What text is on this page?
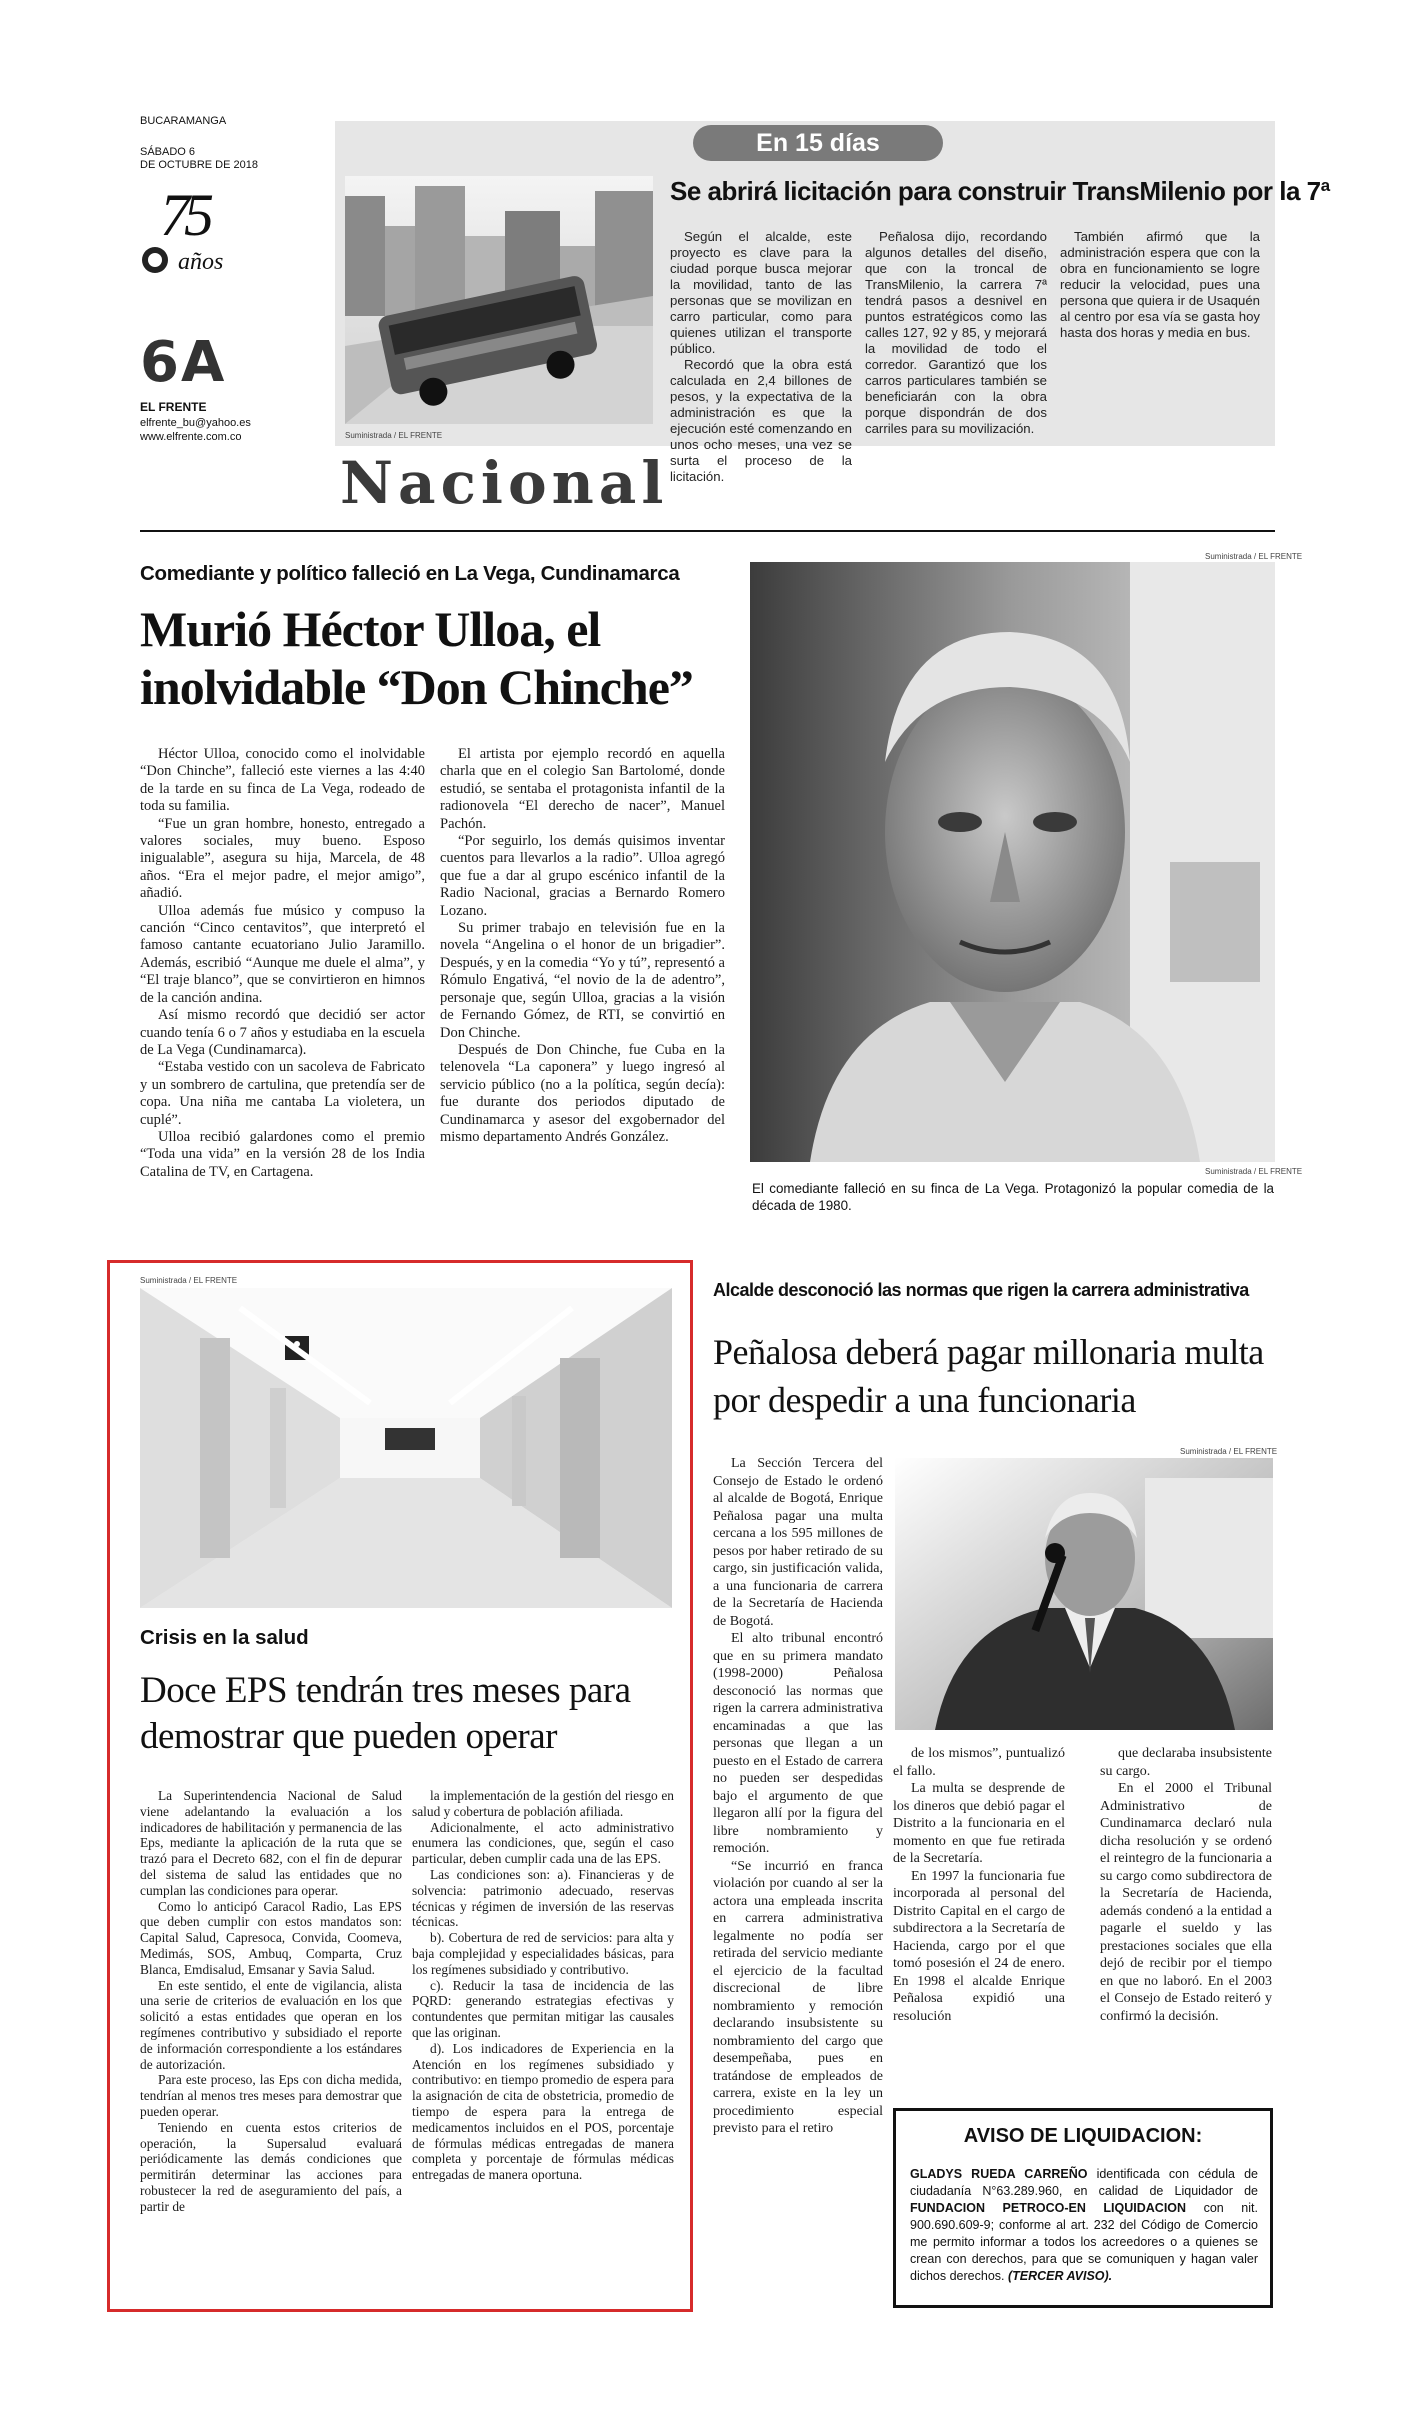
BUCARAMANGA
SÁBADO 6
DE OCTUBRE DE 2018
75
años
6A
EL FRENTE
elfrente_bu@yahoo.es
www.elfrente.com.co
En 15 días
Se abrirá licitación para construir TransMilenio por la 7ª
Suministrada / EL FRENTE

Según el alcalde, este proyecto es clave para la ciudad porque busca mejorar la movilidad, tanto de las personas que se movilizan en carro particular, como para quienes utilizan el transporte público.

Recordó que la obra está calculada en 2,4 billones de pesos, y la expectativa de la administración es que la ejecución esté comenzando en unos ocho meses, una vez se surta el proceso de la licitación.

Peñalosa dijo, recordando algunos detalles del diseño, que con la troncal de TransMilenio, la carrera 7ª tendrá pasos a desnivel en puntos estratégicos como las calles 127, 92 y 85, y mejorará la movilidad de todo el corredor. Garantizó que los carros particulares también se beneficiarán con la obra porque dispondrán de dos carriles para su movilización.

También afirmó que la administración espera que con la obra en funcionamiento se logre reducir la velocidad, pues una persona que quiera ir de Usaquén al centro por esa vía se gasta hoy hasta dos horas y media en bus.

Nacional
Comediante y político falleció en La Vega, Cundinamarca
Murió Héctor Ulloa, el inolvidable “Don Chinche”

Héctor Ulloa, conocido como el inolvidable “Don Chinche”, falleció este viernes a las 4:40 de la tarde en su finca de La Vega, rodeado de toda su familia.

“Fue un gran hombre, honesto, entregado a valores sociales, muy bueno. Esposo inigualable”, asegura su hija, Marcela, de 48 años. “Era el mejor padre, el mejor amigo”, añadió.

Ulloa además fue músico y compuso la canción “Cinco centavitos”, que interpretó el famoso cantante ecuatoriano Julio Jaramillo. Además, escribió “Aunque me duele el alma”, y “El traje blanco”, que se convirtieron en himnos de la canción andina.

Así mismo recordó que decidió ser actor cuando tenía 6 o 7 años y estudiaba en la escuela de La Vega (Cundinamarca).

“Estaba vestido con un sacoleva de Fabricato y un sombrero de cartulina, que pretendía ser de copa. Una niña me cantaba La violetera, un cuplé”.

Ulloa recibió galardones como el premio “Toda una vida” en la versión 28 de los India Catalina de TV, en Cartagena.

El artista por ejemplo recordó en aquella charla que en el colegio San Bartolomé, donde estudió, se sentaba el protagonista infantil de la radionovela “El derecho de nacer”, Manuel Pachón.

“Por seguirlo, los demás quisimos inventar cuentos para llevarlos a la radio”. Ulloa agregó que fue a dar al grupo escénico infantil de la Radio Nacional, gracias a Bernardo Romero Lozano.

Su primer trabajo en televisión fue en la novela “Angelina o el honor de un brigadier”. Después, y en la comedia “Yo y tú”, representó a Rómulo Engativá, “el novio de la de adentro”, personaje que, según Ulloa, gracias a la visión de Fernando Gómez, de RTI, se convirtió en Don Chinche.

Después de Don Chinche, fue Cuba en la telenovela “La caponera” y luego ingresó al servicio público (no a la política, según decía): fue durante dos periodos diputado de Cundinamarca y asesor del exgobernador del mismo departamento Andrés González.

Suministrada / EL FRENTE
Suministrada / EL FRENTE
El comediante falleció en su finca de La Vega. Protagonizó la popular comedia de la década de 1980.
Suministrada / EL FRENTE
Crisis en la salud
Doce EPS tendrán tres meses para demostrar que pueden operar

La Superintendencia Nacional de Salud viene adelantando la evaluación a los indicadores de habilitación y permanencia de las Eps, mediante la aplicación de la ruta que se trazó para el Decreto 682, con el fin de depurar del sistema de salud las entidades que no cumplan las condiciones para operar.

Como lo anticipó Caracol Radio, Las EPS que deben cumplir con estos mandatos son: Capital Salud, Capresoca, Convida, Coomeva, Medimás, SOS, Ambuq, Comparta, Cruz Blanca, Emdisalud, Emsanar y Savia Salud.

En este sentido, el ente de vigilancia, alista una serie de criterios de evaluación en los que solicitó a estas entidades que operan en los regímenes contributivo y subsidiado el reporte de información correspondiente a los estándares de autorización.

Para este proceso, las Eps con dicha medida, tendrían al menos tres meses para demostrar que pueden operar.

Teniendo en cuenta estos criterios de operación, la Supersalud evaluará periódicamente las demás condiciones que permitirán determinar las acciones para robustecer la red de aseguramiento del país, a partir de

la implementación de la gestión del riesgo en salud y cobertura de población afiliada.

Adicionalmente, el acto administrativo enumera las condiciones, que, según el caso particular, deben cumplir cada una de las EPS.

Las condiciones son: a). Financieras y de solvencia: patrimonio adecuado, reservas técnicas y régimen de inversión de las reservas técnicas.

b). Cobertura de red de servicios: para alta y baja complejidad y especialidades básicas, para los regímenes subsidiado y contributivo.

c). Reducir la tasa de incidencia de las PQRD: generando estrategias efectivas y contundentes que permitan mitigar las causales que las originan.

d). Los indicadores de Experiencia en la Atención en los regímenes subsidiado y contributivo: en tiempo promedio de espera para la asignación de cita de obstetricia, promedio de tiempo de espera para la entrega de medicamentos incluidos en el POS, porcentaje de fórmulas médicas entregadas de manera completa y porcentaje de fórmulas médicas entregadas de manera oportuna.

Alcalde desconoció las normas que rigen la carrera administrativa
Peñalosa deberá pagar millonaria multa por despedir a una funcionaria
Suministrada / EL FRENTE

La Sección Tercera del Consejo de Estado le ordenó al alcalde de Bogotá, Enrique Peñalosa pagar una multa cercana a los 595 millones de pesos por haber retirado de su cargo, sin justificación valida, a una funcionaria de carrera de la Secretaría de Hacienda de Bogotá.

El alto tribunal encontró que en su primera mandato (1998-2000) Peñalosa desconoció las normas que rigen la carrera administrativa encaminadas a que las personas que llegan a un puesto en el Estado de carrera no pueden ser despedidas bajo el argumento de que llegaron allí por la figura del libre nombramiento y remoción.

“Se incurrió en franca violación por cuando al ser la actora una empleada inscrita en carrera administrativa legalmente no podía ser retirada del servicio mediante el ejercicio de la facultad discrecional de libre nombramiento y remoción declarando insubsistente su nombramiento del cargo que desempeñaba, pues en tratándose de empleados de carrera, existe en la ley un procedimiento especial previsto para el retiro

de los mismos”, puntualizó el fallo.

La multa se desprende de los dineros que debió pagar el Distrito a la funcionaria en el momento en que fue retirada de la Secretaría.

En 1997 la funcionaria fue incorporada al personal del Distrito Capital en el cargo de subdirectora a la Secretaría de Hacienda, cargo por el que tomó posesión el 24 de enero. En 1998 el alcalde Enrique Peñalosa expidió una resolución

que declaraba insubsistente su cargo.

En el 2000 el Tribunal Administrativo de Cundinamarca declaró nula dicha resolución y se ordenó el reintegro de la funcionaria a su cargo como subdirectora de la Secretaría de Hacienda, además condenó a la entidad a pagarle el sueldo y las prestaciones sociales que ella dejó de recibir por el tiempo en que no laboró. En el 2003 el Consejo de Estado reiteró y confirmó la decisión.

AVISO DE LIQUIDACION:
GLADYS RUEDA CARREÑO identificada con cédula de ciudadanía N°63.289.960, en calidad de Liquidador de FUNDACION PETROCO-EN LIQUIDACION con nit. 900.690.609-9; conforme al art. 232 del Código de Comercio me permito informar a todos los acreedores o a quienes se crean con derechos, para que se comuniquen y hagan valer dichos derechos. (TERCER AVISO).
